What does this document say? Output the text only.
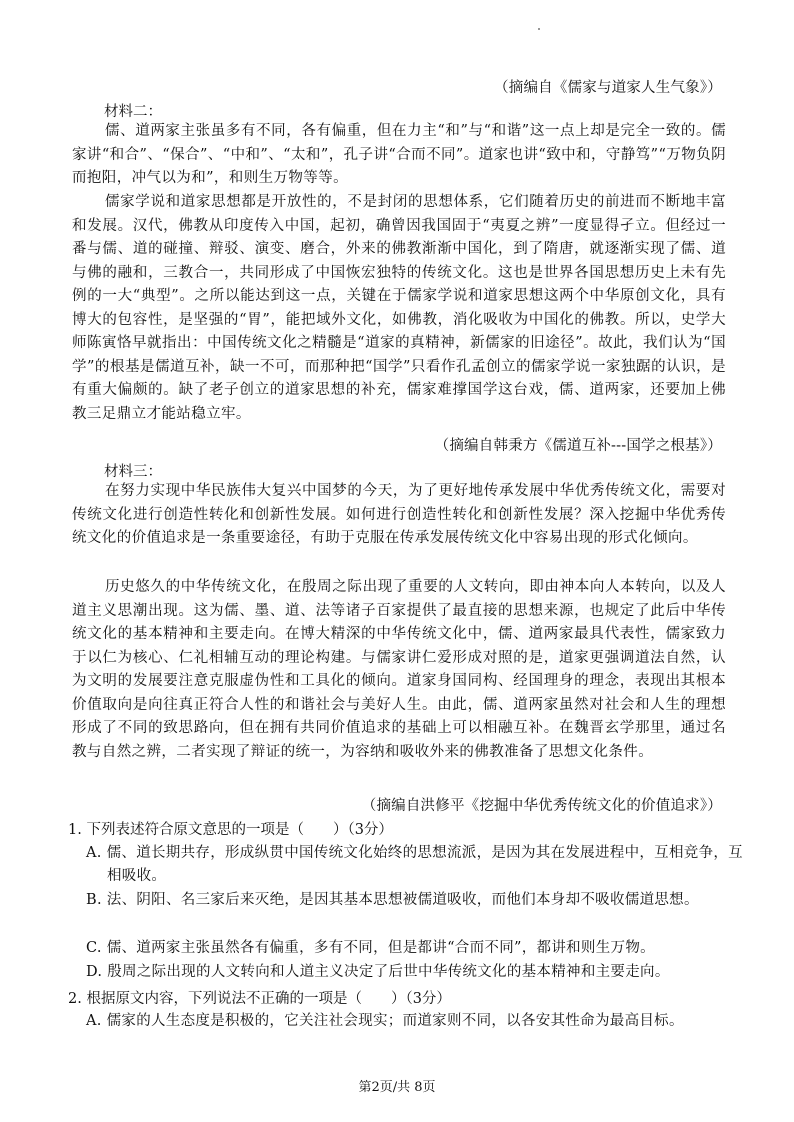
（摘编自《儒家与道家人生气象》）
材料二：

儒、道两家主张虽多有不同，各有偏重，但在力主“和”与“和谐”这一点上却是完全一致的。儒家讲“和合”、“保合”、“中和”、“太和”，孔子讲“合而不同”。道家也讲“致中和，守静笃”“万物负阴而抱阳，冲气以为和”，和则生万物等等。

儒家学说和道家思想都是开放性的，不是封闭的思想体系，它们随着历史的前进而不断地丰富和发展。汉代，佛教从印度传入中国，起初，确曾因我国固于“夷夏之辨”一度显得孑立。但经过一番与儒、道的碰撞、辩驳、演变、磨合，外来的佛教渐渐中国化，到了隋唐，就逐渐实现了儒、道与佛的融和，三教合一，共同形成了中国恢宏独特的传统文化。这也是世界各国思想历史上未有先例的一大“典型”。之所以能达到这一点，关键在于儒家学说和道家思想这两个中华原创文化，具有博大的包容性，是坚强的“胃”，能把域外文化，如佛教，消化吸收为中国化的佛教。所以，史学大师陈寅恪早就指出：中国传统文化之精髓是“道家的真精神，新儒家的旧途径”。故此，我们认为“国学”的根基是儒道互补，缺一不可，而那种把“国学”只看作孔孟创立的儒家学说一家独踞的认识，是有重大偏颇的。缺了老子创立的道家思想的补充，儒家难撑国学这台戏，儒、道两家，还要加上佛教三足鼎立才能站稳立牢。

（摘编自韩秉方《儒道互补---国学之根基》）
材料三：

在努力实现中华民族伟大复兴中国梦的今天，为了更好地传承发展中华优秀传统文化，需要对传统文化进行创造性转化和创新性发展。如何进行创造性转化和创新性发展？深入挖掘中华优秀传统文化的价值追求是一条重要途径，有助于克服在传承发展传统文化中容易出现的形式化倾向。

历史悠久的中华传统文化，在殷周之际出现了重要的人文转向，即由神本向人本转向，以及人道主义思潮出现。这为儒、墨、道、法等诸子百家提供了最直接的思想来源，也规定了此后中华传统文化的基本精神和主要走向。在博大精深的中华传统文化中，儒、道两家最具代表性，儒家致力于以仁为核心、仁礼相辅互动的理论构建。与儒家讲仁爱形成对照的是，道家更强调道法自然，认为文明的发展要注意克服虚伪性和工具化的倾向。道家身国同构、经国理身的理念，表现出其根本价值取向是向往真正符合人性的和谐社会与美好人生。由此，儒、道两家虽然对社会和人生的理想形成了不同的致思路向，但在拥有共同价值追求的基础上可以相融互补。在魏晋玄学那里，通过名教与自然之辨，二者实现了辩证的统一，为容纳和吸收外来的佛教准备了思想文化条件。

（摘编自洪修平《挖掘中华优秀传统文化的价值追求》）
1. 下列表述符合原文意思的一项是（　　）（3分）

A. 儒、道长期共存，形成纵贯中国传统文化始终的思想流派，是因为其在发展进程中，互相竞争，互相吸收。

B. 法、阴阳、名三家后来灭绝，是因其基本思想被儒道吸收，而他们本身却不吸收儒道思想。

C. 儒、道两家主张虽然各有偏重，多有不同，但是都讲“合而不同”，都讲和则生万物。

D. 殷周之际出现的人文转向和人道主义决定了后世中华传统文化的基本精神和主要走向。

2. 根据原文内容，下列说法不正确的一项是（　　）（3分）

A. 儒家的人生态度是积极的，它关注社会现实；而道家则不同，以各安其性命为最高目标。

第2页/共 8页
